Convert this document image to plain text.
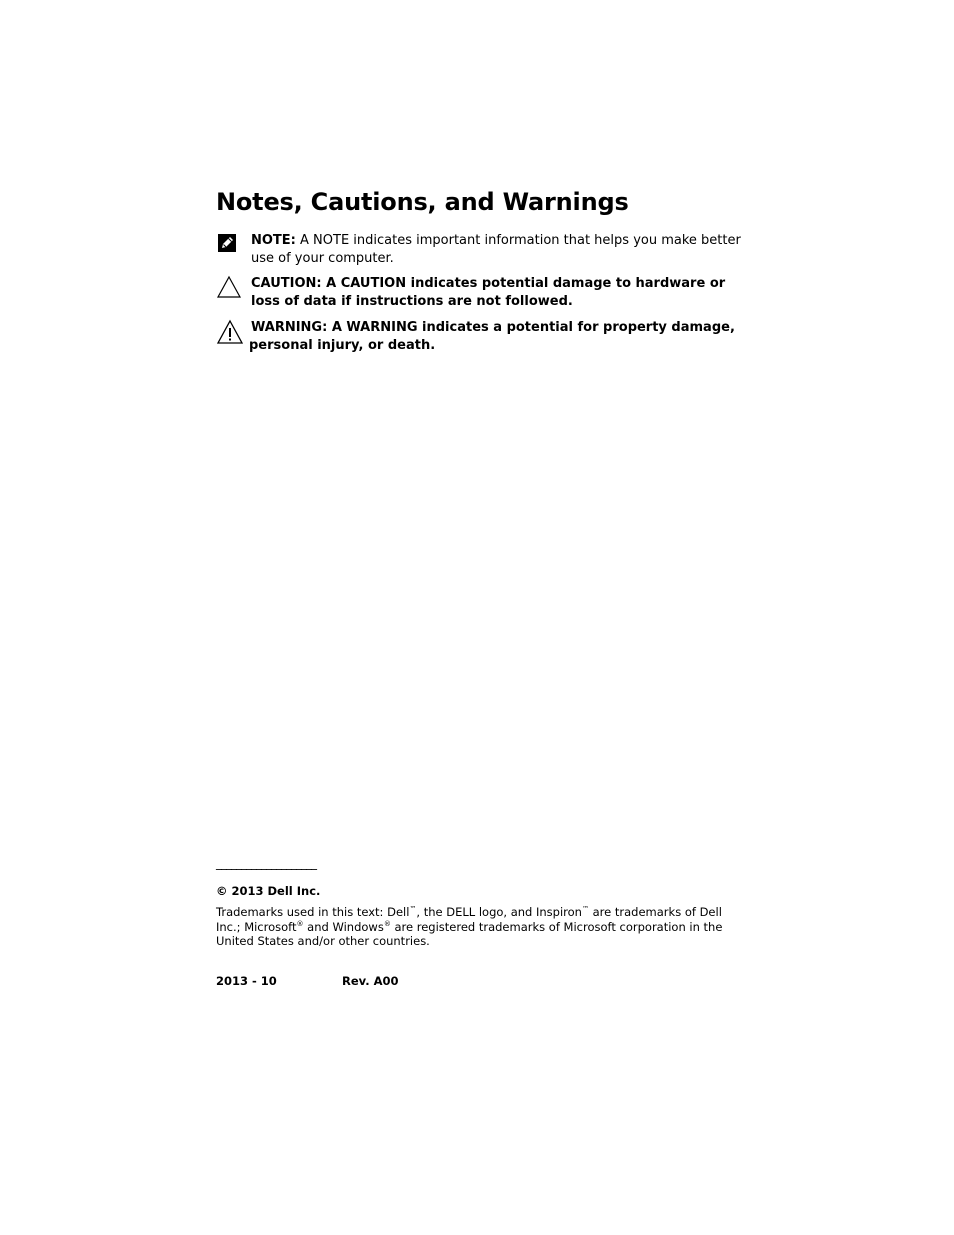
Notes, Cautions, and Warnings

NOTE: A NOTE indicates important information that helps you make better use of your computer.

CAUTION: A CAUTION indicates potential damage to hardware or loss of data if instructions are not followed.

WARNING: A WARNING indicates a potential for property damage,
personal injury, or death.

____________________
© 2013 Dell Inc.
Trademarks used in this text: Dell™, the DELL logo, and Inspiron™ are trademarks of Dell Inc.; Microsoft® and Windows® are registered trademarks of Microsoft corporation in the United States and/or other countries.
2013 - 10	Rev. A00
